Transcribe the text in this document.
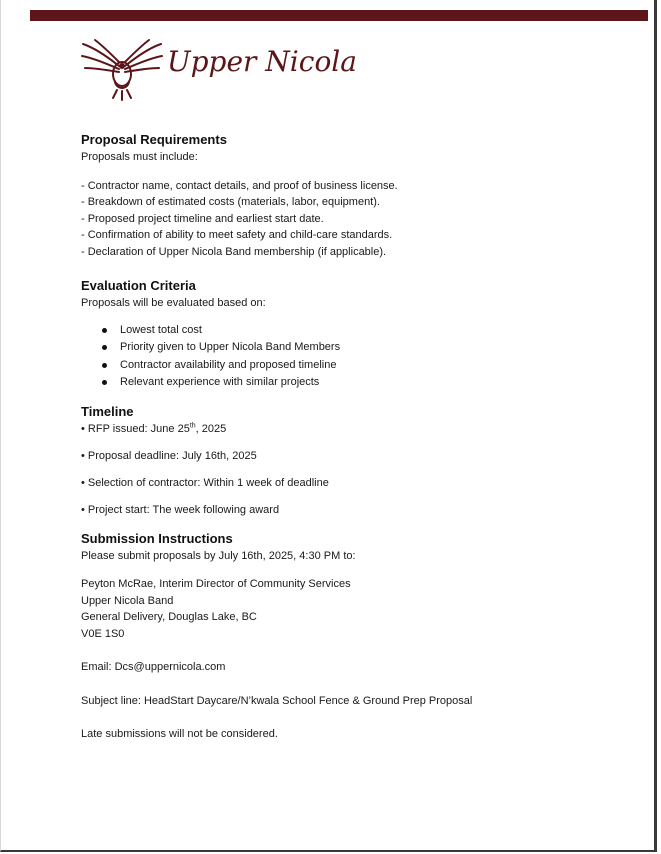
Upper Nicola
Proposal Requirements

Proposals must include:

- Contractor name, contact details, and proof of business license.

- Breakdown of estimated costs (materials, labor, equipment).

- Proposed project timeline and earliest start date.

- Confirmation of ability to meet safety and child-care standards.

- Declaration of Upper Nicola Band membership (if applicable).

Evaluation Criteria

Proposals will be evaluated based on:

Lowest total cost
Priority given to Upper Nicola Band Members
Contractor availability and proposed timeline
Relevant experience with similar projects
Timeline

• RFP issued: June 25th, 2025

• Proposal deadline: July 16th, 2025

• Selection of contractor: Within 1 week of deadline

• Project start: The week following award

Submission Instructions

Please submit proposals by July 16th, 2025, 4:30 PM to:

Peyton McRae, Interim Director of Community Services

Upper Nicola Band

General Delivery, Douglas Lake, BC

V0E 1S0

Email: Dcs@uppernicola.com

Subject line: HeadStart Daycare/N’kwala School Fence & Ground Prep Proposal

Late submissions will not be considered.
